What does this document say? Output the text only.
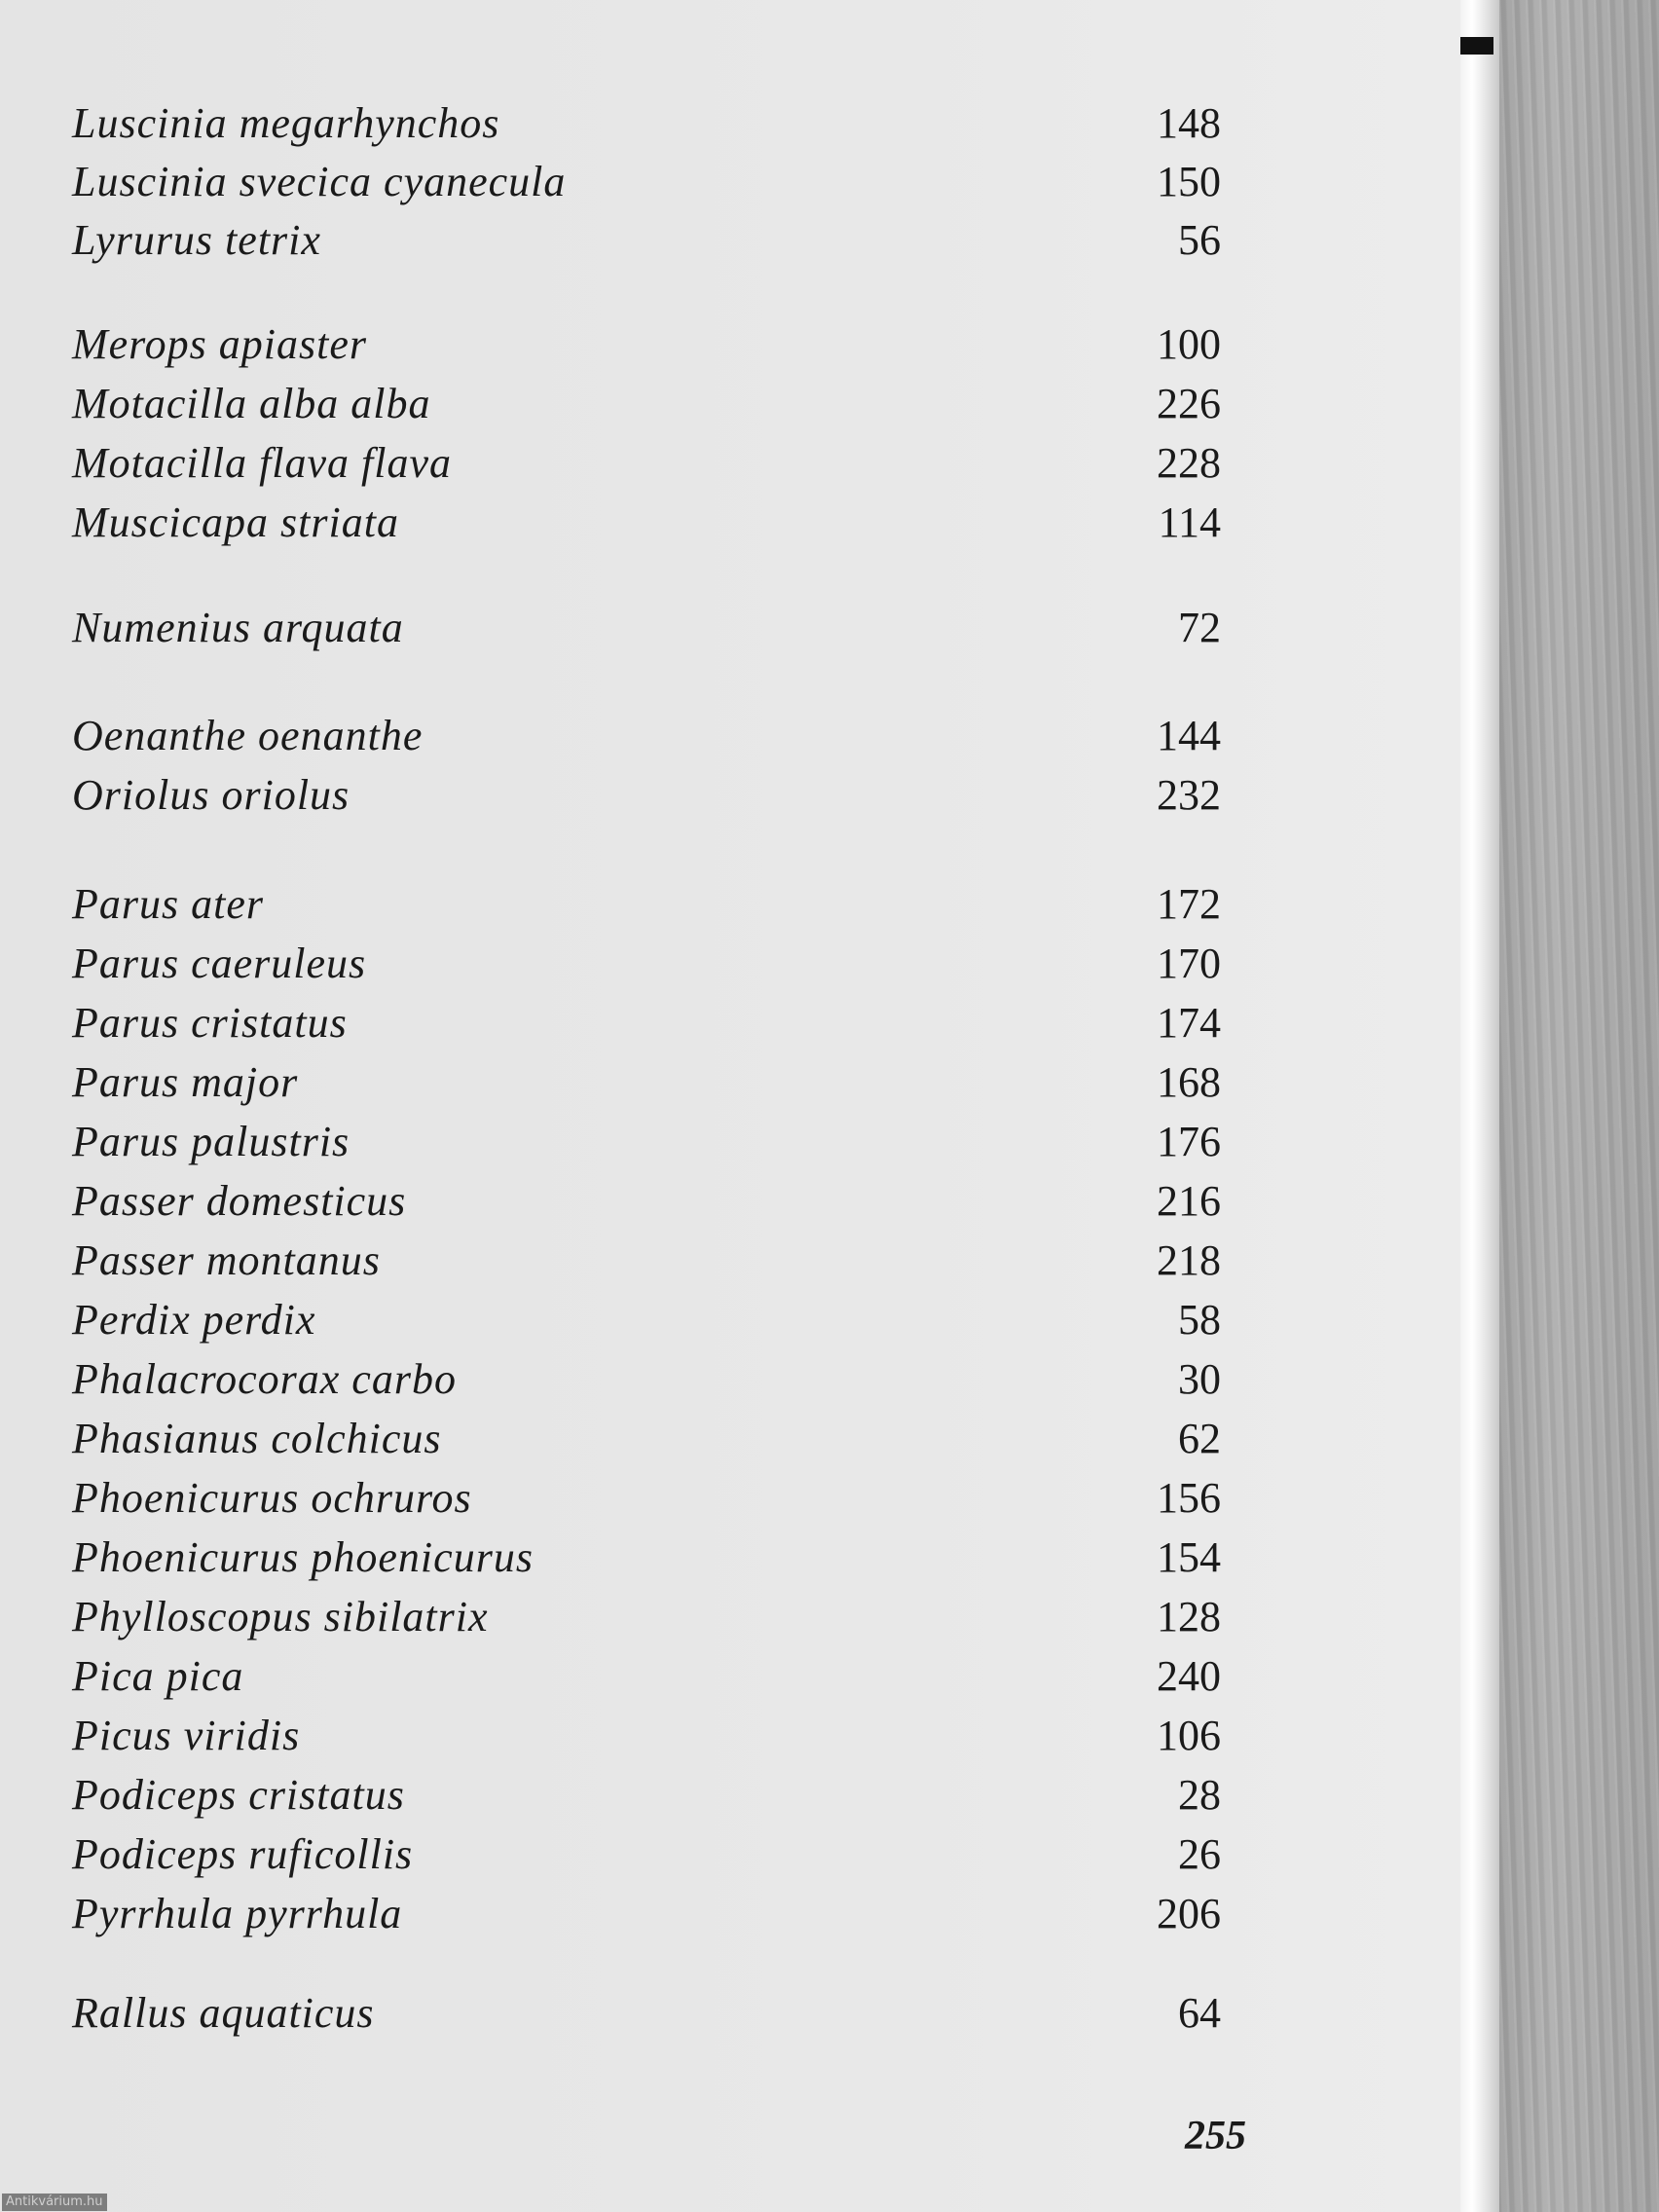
Luscinia megarhynchos	148
Luscinia svecica cyanecula	150
Lyrurus tetrix	56
Merops apiaster	100
Motacilla alba alba	226
Motacilla flava flava	228
Muscicapa striata	114
Numenius arquata	72
Oenanthe oenanthe	144
Oriolus oriolus	232
Parus ater	172
Parus caeruleus	170
Parus cristatus	174
Parus major	168
Parus palustris	176
Passer domesticus	216
Passer montanus	218
Perdix perdix	58
Phalacrocorax carbo	30
Phasianus colchicus	62
Phoenicurus ochruros	156
Phoenicurus phoenicurus	154
Phylloscopus sibilatrix	128
Pica pica	240
Picus viridis	106
Podiceps cristatus	28
Podiceps ruficollis	26
Pyrrhula pyrrhula	206
Rallus aquaticus	64
255
Antikvárium.hu
